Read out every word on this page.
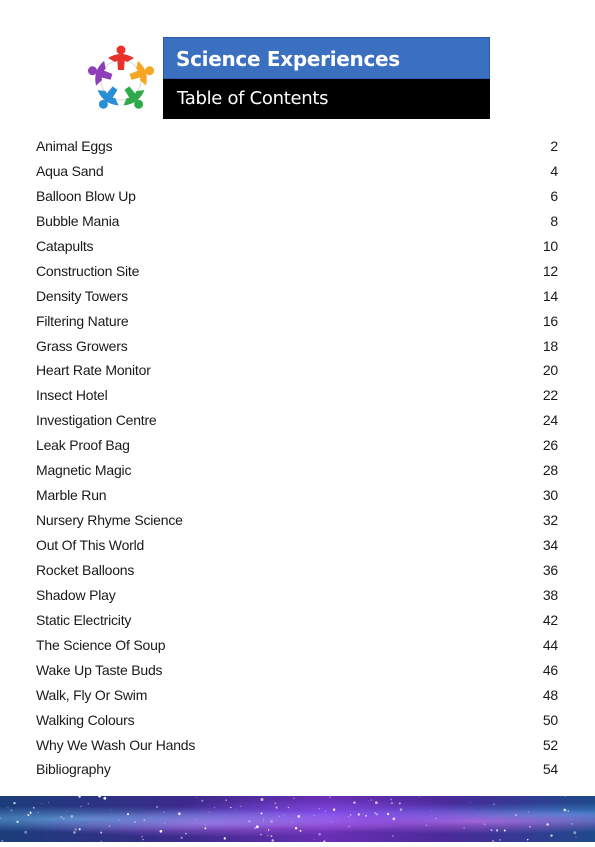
Science Experiences
Table of Contents
Animal Eggs	2
Aqua Sand	4
Balloon Blow Up	6
Bubble Mania	8
Catapults	10
Construction Site	12
Density Towers	14
Filtering Nature	16
Grass Growers	18
Heart Rate Monitor	20
Insect Hotel	22
Investigation Centre	24
Leak Proof Bag	26
Magnetic Magic	28
Marble Run	30
Nursery Rhyme Science	32
Out Of This World	34
Rocket Balloons	36
Shadow Play	38
Static Electricity	42
The Science Of Soup	44
Wake Up Taste Buds	46
Walk, Fly Or Swim	48
Walking Colours	50
Why We Wash Our Hands	52
Bibliography	54
